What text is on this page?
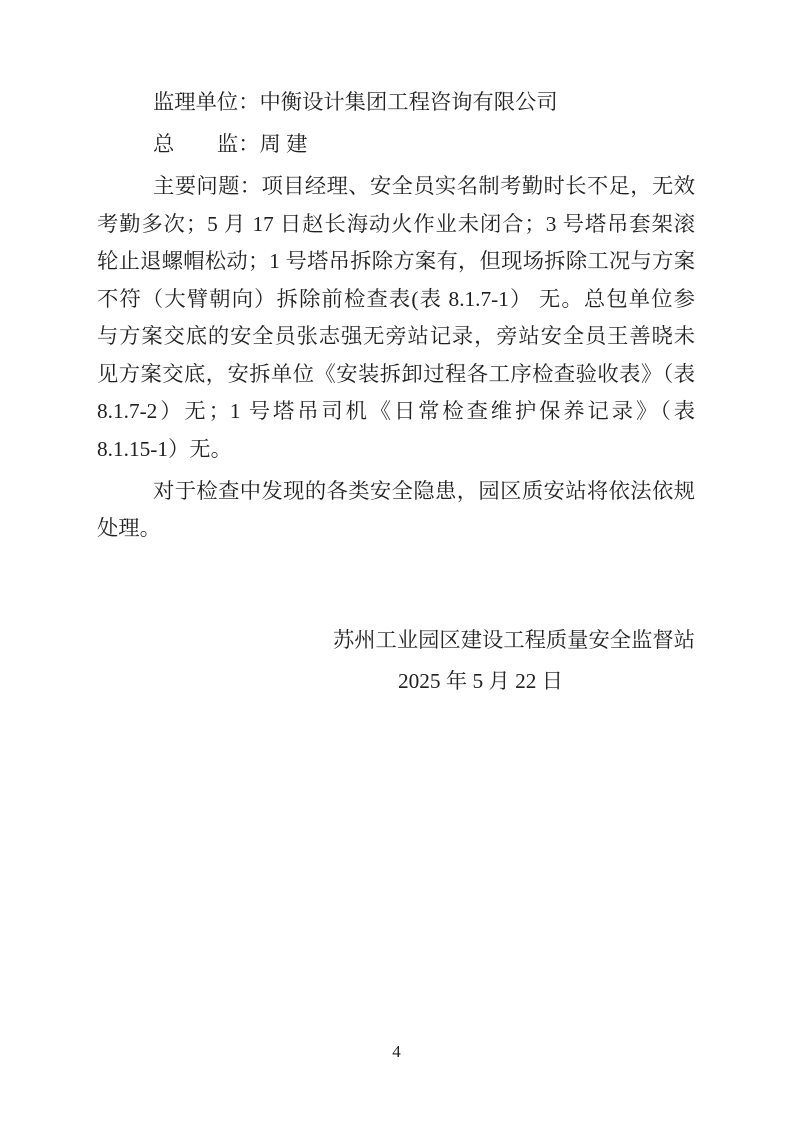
监理单位：中衡设计集团工程咨询有限公司
总　　监：周 建
主要问题：项目经理、安全员实名制考勤时长不足，无效
考勤多次；5 月 17 日赵长海动火作业未闭合；3 号塔吊套架滚
轮止退螺帽松动；1 号塔吊拆除方案有，但现场拆除工况与方案
不符（大臂朝向）拆除前检查表(表 8.1.7-1） 无。总包单位参
与方案交底的安全员张志强无旁站记录，旁站安全员王善晓未
见方案交底，安拆单位《安装拆卸过程各工序检查验收表》（表
8.1.7-2）无；1 号塔吊司机《日常检查维护保养记录》（表
8.1.15-1）无。
对于检查中发现的各类安全隐患，园区质安站将依法依规
处理。
苏州工业园区建设工程质量安全监督站
2025 年 5 月 22 日
4
